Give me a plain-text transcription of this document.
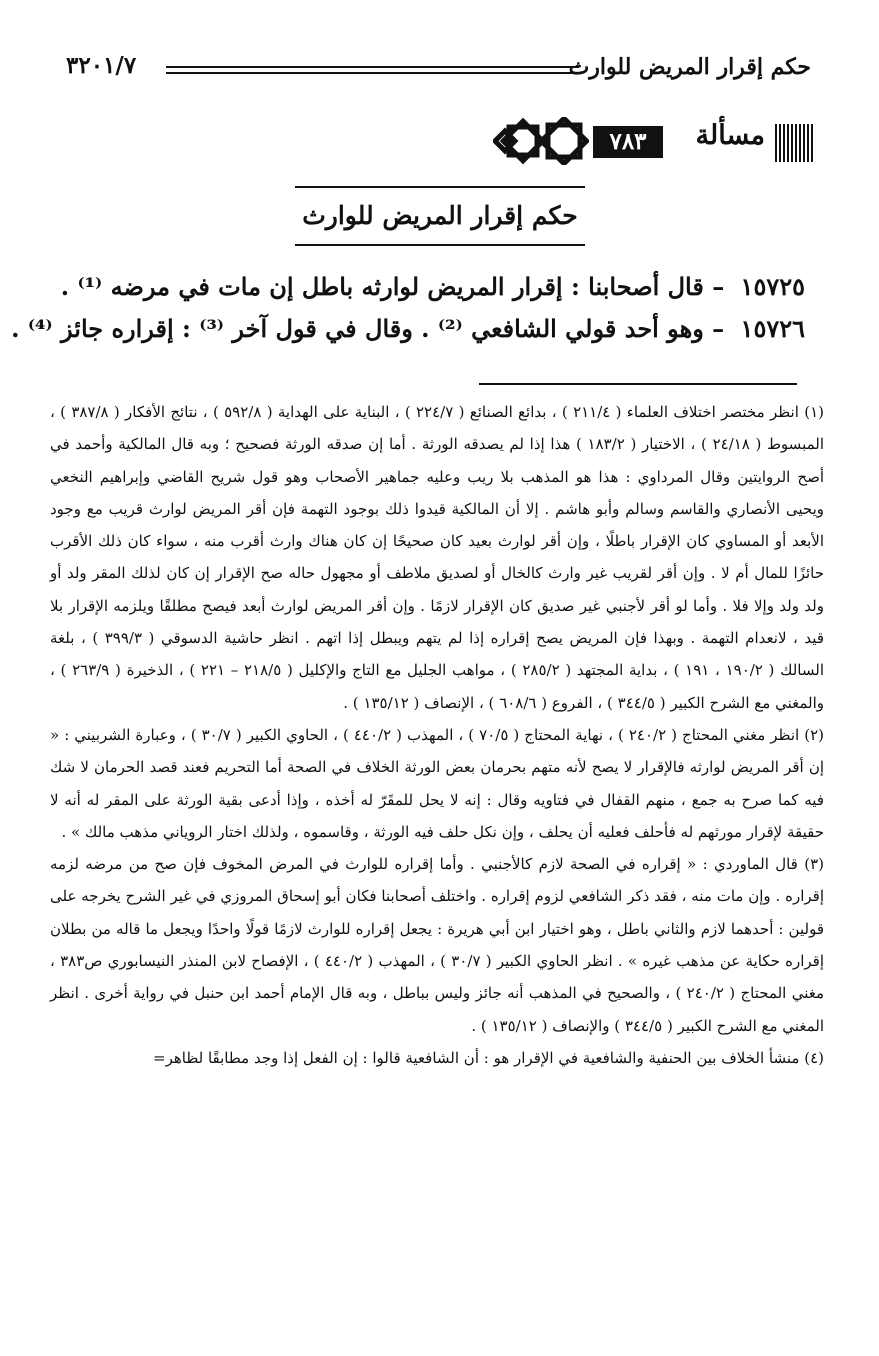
حكم إقرار المريض للوارث
٣٢٠١/٧
مسألة
٧٨٣
حكم إقرار المريض للوارث
١٥٧٢٥ – قال أصحابنا : إقرار المريض لوارثه باطل إن مات في مرضه ⁽¹⁾ .
١٥٧٢٦ – وهو أحد قولي الشافعي ⁽²⁾ . وقال في قول آخر ⁽³⁾ : إقراره جائز ⁽⁴⁾ .

(١) انظر مختصر اختلاف العلماء ( ٢١١/٤ ) ، بدائع الصنائع ( ٢٢٤/٧ ) ، البناية على الهداية ( ٥٩٢/٨ ) ، نتائج الأفكار ( ٣٨٧/٨ ) ، المبسوط ( ٢٤/١٨ ) ، الاختيار ( ١٨٣/٢ ) هذا إذا لم يصدقه الورثة . أما إن صدقه الورثة فصحيح ؛ وبه قال المالكية وأحمد في أصح الروايتين وقال المرداوي : هذا هو المذهب بلا ريب وعليه جماهير الأصحاب وهو قول شريح القاضي وإبراهيم النخعي ويحيى الأنصاري والقاسم وسالم وأبو هاشم . إلا أن المالكية قيدوا ذلك بوجود التهمة فإن أقر المريض لوارث قريب مع وجود الأبعد أو المساوي كان الإقرار باطلًا ، وإن أقر لوارث بعيد كان صحيحًا إن كان هناك وارث أقرب منه ، سواء كان ذلك الأقرب حائزًا للمال أم لا . وإن أقر لقريب غير وارث كالخال أو لصديق ملاطف أو مجهول حاله صح الإقرار إن كان لذلك المقر ولد أو ولد ولد وإلا فلا . وأما لو أقر لأجنبي غير صديق كان الإقرار لازمًا . وإن أقر المريض لوارث أبعد فيصح مطلقًا ويلزمه الإقرار بلا قيد ، لانعدام التهمة . وبهذا فإن المريض يصح إقراره إذا لم يتهم ويبطل إذا اتهم . انظر حاشية الدسوقي ( ٣٩٩/٣ ) ، بلغة السالك ( ١٩٠/٢ ، ١٩١ ) ، بداية المجتهد ( ٢٨٥/٢ ) ، مواهب الجليل مع التاج والإكليل ( ٢١٨/٥ – ٢٢١ ) ، الذخيرة ( ٢٦٣/٩ ) ، والمغني مع الشرح الكبير ( ٣٤٤/٥ ) ، الفروع ( ٦٠٨/٦ ) ، الإنصاف ( ١٣٥/١٢ ) .

(٢) انظر مغني المحتاج ( ٢٤٠/٢ ) ، نهاية المحتاج ( ٧٠/٥ ) ، المهذب ( ٤٤٠/٢ ) ، الحاوي الكبير ( ٣٠/٧ ) ، وعبارة الشربيني : « إن أقر المريض لوارثه فالإقرار لا يصح لأنه متهم بحرمان بعض الورثة الخلاف في الصحة أما التحريم فعند قصد الحرمان لا شك فيه كما صرح به جمع ، منهم القفال في فتاويه وقال : إنه لا يحل للمقَرّ له أخذه ، وإذا أدعى بقية الورثة على المقر له أنه لا حقيقة لإقرار مورثهم له فأحلف فعليه أن يحلف ، وإن نكل حلف فيه الورثة ، وقاسموه ، ولذلك اختار الروياني مذهب مالك » .

(٣) قال الماوردي : « إقراره في الصحة لازم كالأجنبي . وأما إقراره للوارث في المرض المخوف فإن صح من مرضه لزمه إقراره . وإن مات منه ، فقد ذكر الشافعي لزوم إقراره . واختلف أصحابنا فكان أبو إسحاق المروزي في غير الشرح يخرجه على قولين : أحدهما لازم والثاني باطل ، وهو اختيار ابن أبي هريرة : يجعل إقراره للوارث لازمًا قولًا واحدًا ويجعل ما قاله من بطلان إقراره حكاية عن مذهب غيره » . انظر الحاوي الكبير ( ٣٠/٧ ) ، المهذب ( ٤٤٠/٢ ) ، الإفصاح لابن المنذر النيسابوري ص٣٨٣ ، مغني المحتاج ( ٢٤٠/٢ ) ، والصحيح في المذهب أنه جائز وليس بباطل ، وبه قال الإمام أحمد ابن حنبل في رواية أخرى . انظر المغني مع الشرح الكبير ( ٣٤٤/٥ ) والإنصاف ( ١٣٥/١٢ ) .

(٤) منشأ الخلاف بين الحنفية والشافعية في الإقرار هو : أن الشافعية قالوا : إن الفعل إذا وجد مطابقًا لظاهر=
